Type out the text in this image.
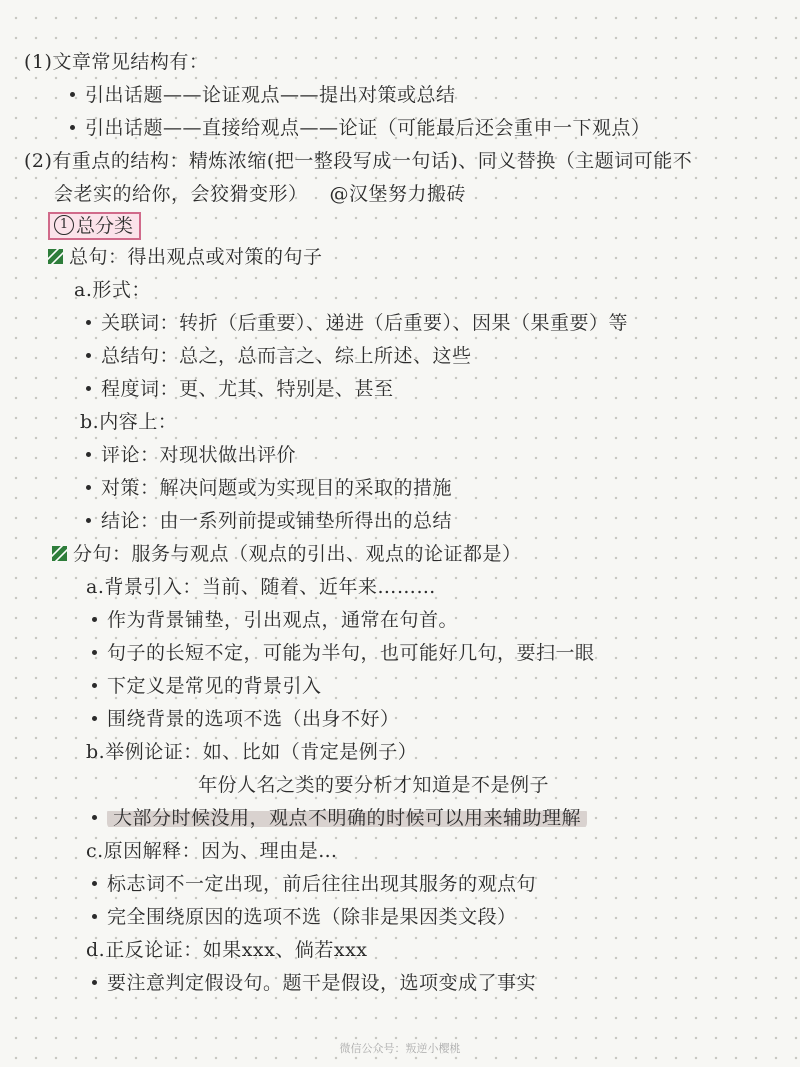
(1)文章常见结构有：
引出话题——论证观点——提出对策或总结
引出话题——直接给观点——论证（可能最后还会重申一下观点）
(2)有重点的结构：精炼浓缩(把一整段写成一句话)、同义替换（主题词可能不
会老实的给你，会狡猾变形） @汉堡努力搬砖
1 总分类
总句：得出观点或对策的句子
a.形式：
关联词：转折（后重要）、递进（后重要）、因果（果重要）等
总结句：总之，总而言之、综上所述、这些
程度词：更、尤其、特别是、甚至
b.内容上：
评论：对现状做出评价
对策：解决问题或为实现目的采取的措施
结论：由一系列前提或铺垫所得出的总结
分句：服务与观点（观点的引出、观点的论证都是）
a.背景引入：当前、随着、近年来………
作为背景铺垫，引出观点，通常在句首。
句子的长短不定，可能为半句，也可能好几句，要扫一眼
下定义是常见的背景引入
围绕背景的选项不选（出身不好）
b.举例论证：如、比如（肯定是例子）
年份人名之类的要分析才知道是不是例子
大部分时候没用，观点不明确的时候可以用来辅助理解
c.原因解释：因为、理由是…
标志词不一定出现，前后往往出现其服务的观点句
完全围绕原因的选项不选（除非是果因类文段）
d.正反论证：如果xxx、倘若xxx
要注意判定假设句。题干是假设，选项变成了事实
微信公众号：叛逆小樱桃
